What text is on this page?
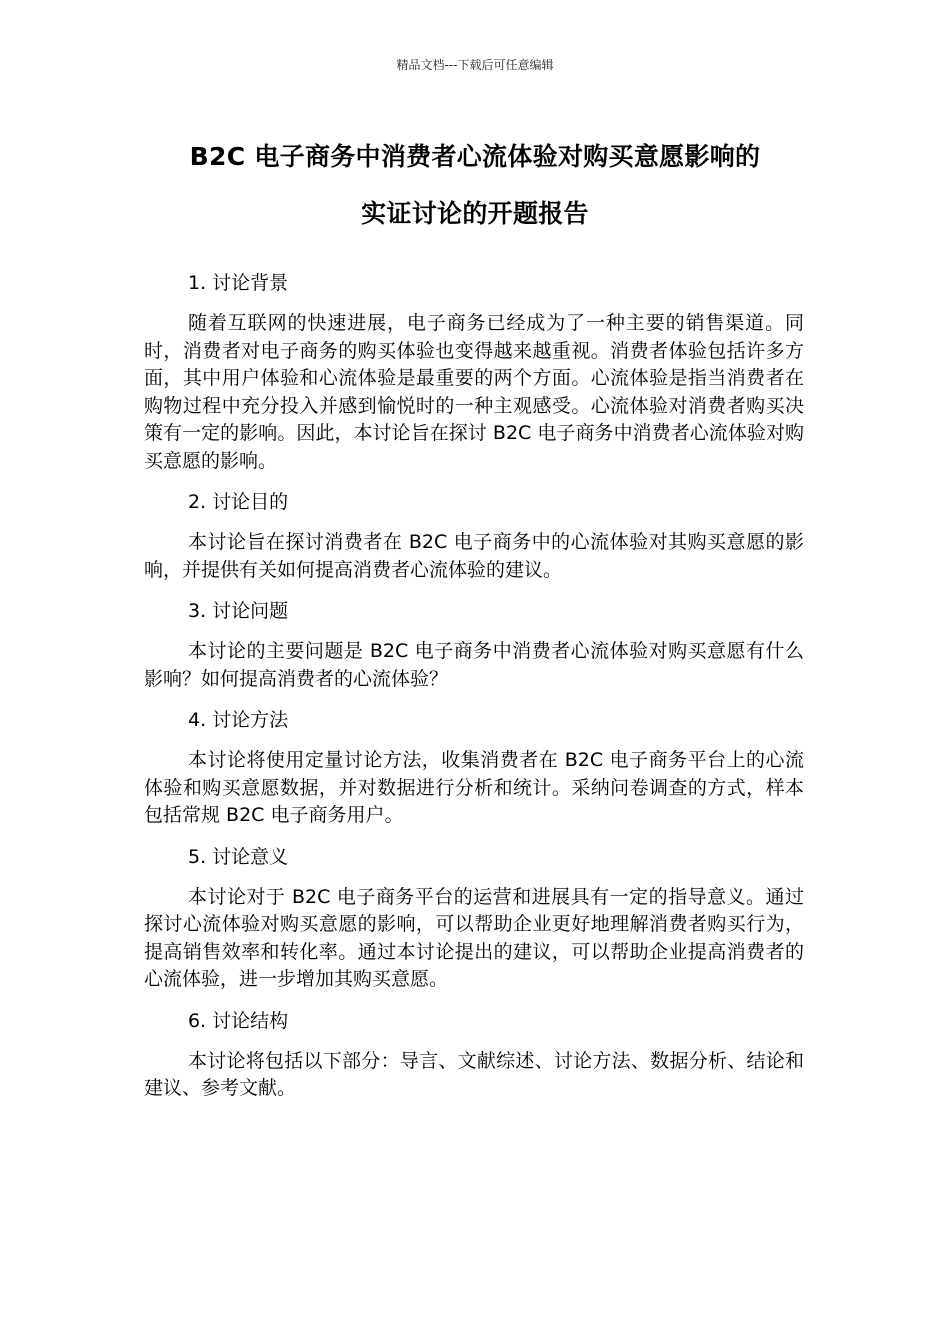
精品文档---下载后可任意编辑
B2C 电子商务中消费者心流体验对购买意愿影响的
实证讨论的开题报告

1. 讨论背景

随着互联网的快速进展，电子商务已经成为了一种主要的销售渠道。同时，消费者对电子商务的购买体验也变得越来越重视。消费者体验包括许多方面，其中用户体验和心流体验是最重要的两个方面。心流体验是指当消费者在购物过程中充分投入并感到愉悦时的一种主观感受。心流体验对消费者购买决策有一定的影响。因此，本讨论旨在探讨 B2C 电子商务中消费者心流体验对购买意愿的影响。

2. 讨论目的

本讨论旨在探讨消费者在 B2C 电子商务中的心流体验对其购买意愿的影响，并提供有关如何提高消费者心流体验的建议。

3. 讨论问题

本讨论的主要问题是 B2C 电子商务中消费者心流体验对购买意愿有什么影响？如何提高消费者的心流体验？

4. 讨论方法

本讨论将使用定量讨论方法，收集消费者在 B2C 电子商务平台上的心流体验和购买意愿数据，并对数据进行分析和统计。采纳问卷调查的方式，样本包括常规 B2C 电子商务用户。

5. 讨论意义

本讨论对于 B2C 电子商务平台的运营和进展具有一定的指导意义。通过探讨心流体验对购买意愿的影响，可以帮助企业更好地理解消费者购买行为，提高销售效率和转化率。通过本讨论提出的建议，可以帮助企业提高消费者的心流体验，进一步增加其购买意愿。

6. 讨论结构

本讨论将包括以下部分：导言、文献综述、讨论方法、数据分析、结论和建议、参考文献。
